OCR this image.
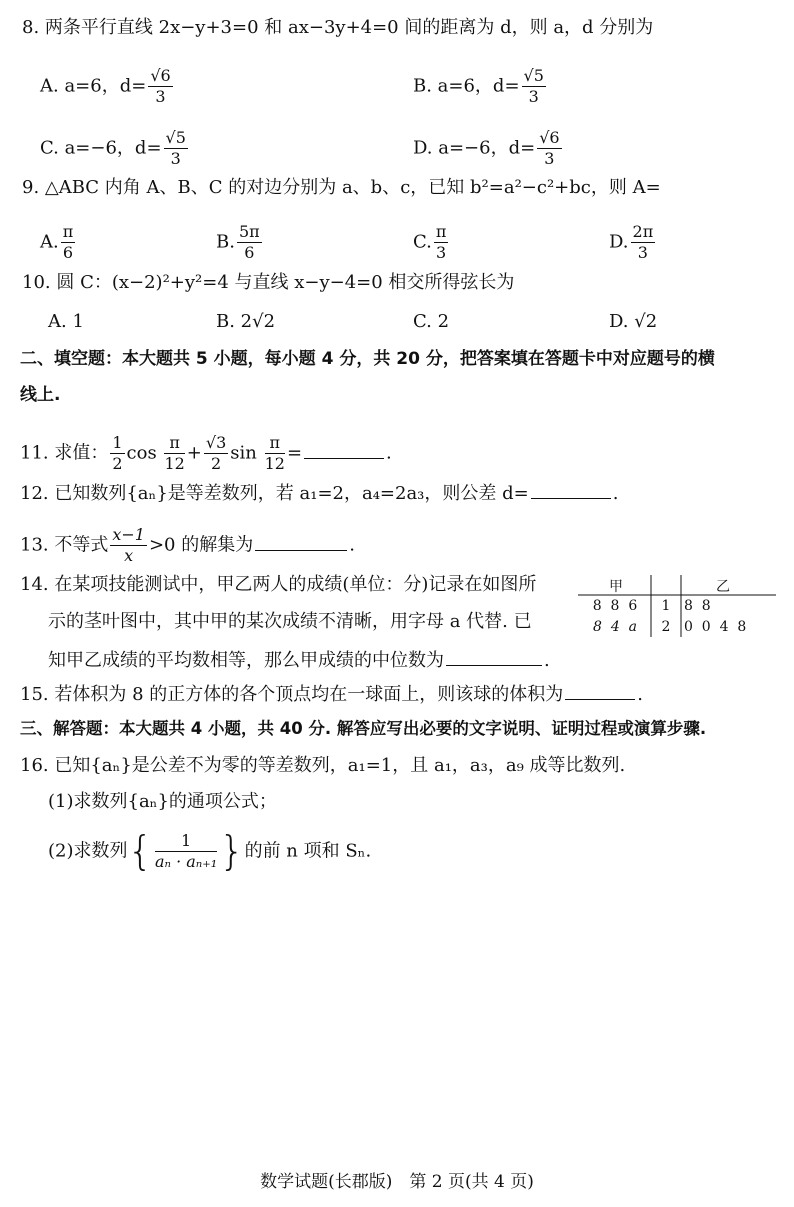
8. 两条平行直线 2x−y+3=0 和 ax−3y+4=0 间的距离为 d，则 a，d 分别为
A. a=6，$d= \frac{√6}{3}$	B. a=6，$d= \frac{√5}{3}$
C. a=−6，$d= \frac{√5}{3}$	D. a=−6，$d= \frac{√6}{3}$
9. △ABC 内角 A、B、C 的对边分别为 a、b、c，已知 b²=a²−c²+bc，则 A=
A. $\frac{\pi}{6}$	B. $\frac{5\pi}{6}$	C. $\frac{\pi}{3}$	D. $\frac{2\pi}{3}$
10. 圆 C：(x−2)²+y²=4 与直线 x−y−4=0 相交所得弦长为
A. 1	B. 2√2	C. 2	D. √2
二、填空题：本大题共 5 小题，每小题 4 分，共 20 分，把答案填在答题卡中对应题号的横
线上.
11. 求值： $\frac{1}{2}$ $\cos \frac{\pi}{12} + \frac{√3}{2}$ $\sin \frac{\pi}{12}$ =	.
12. 已知数列{aₙ}是等差数列，若 a₁=2，a₄=2a₃，则公差 d=	.
13. 不等式 $\frac{x-1}{x} >0$ 的解集为	.
14. 在某项技能测试中，甲乙两人的成绩(单位：分)记录在如图所
示的茎叶图中，其中甲的某次成绩不清晰，用字母 a 代替. 已
知甲乙成绩的平均数相等，那么甲成绩的中位数为	.
甲	乙
8  8  6	1 8  8
8  4  a	2 0  0  4  8
15. 若体积为 8 的正方体的各个顶点均在一球面上，则该球的体积为	.
三、解答题：本大题共 4 小题，共 40 分. 解答应写出必要的文字说明、证明过程或演算步骤.
16. 已知{aₙ}是公差不为零的等差数列，a₁=1，且 a₁，a₃，a₉ 成等比数列.
(1)求数列{aₙ}的通项公式；
(2)求数列{ $\frac{1}{\text{aₙ · aₙ₊₁}}$ }的前 n 项和 Sₙ.
数学试题(长郡版)　第 2 页(共 4 页)
